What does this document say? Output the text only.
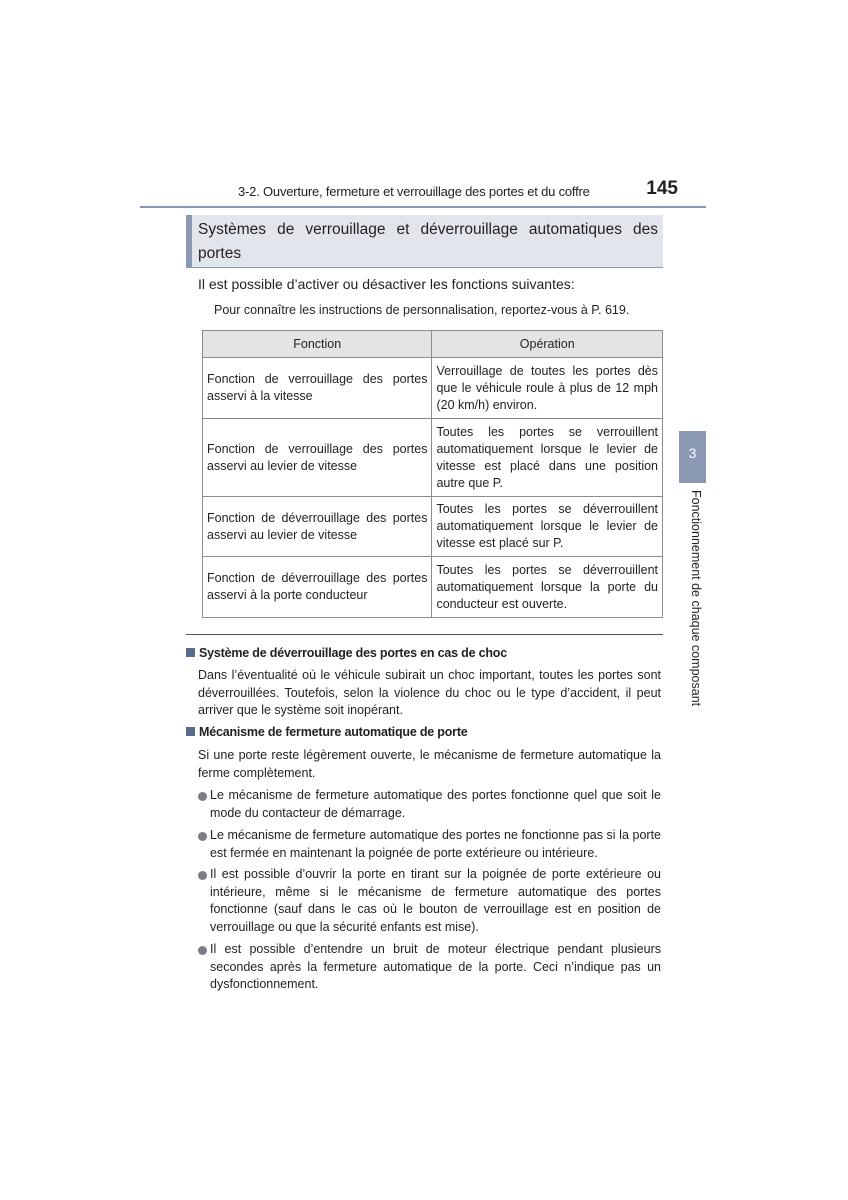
3-2. Ouverture, fermeture et verrouillage des portes et du coffre	145
Systèmes de verrouillage et déverrouillage automatiques des portes
Il est possible d’activer ou désactiver les fonctions suivantes:
Pour connaître les instructions de personnalisation, reportez-vous à P. 619.
Fonction	Opération
Fonction de verrouillage des portes asservi à la vitesse	Verrouillage de toutes les portes dès que le véhicule roule à plus de 12 mph (20 km/h) environ.
Fonction de verrouillage des portes asservi au levier de vitesse	Toutes les portes se verrouillent automatiquement lorsque le levier de vitesse est placé dans une position autre que P.
Fonction de déverrouillage des portes asservi au levier de vitesse	Toutes les portes se déverrouillent automatiquement lorsque le levier de vitesse est placé sur P.
Fonction de déverrouillage des portes asservi à la porte conducteur	Toutes les portes se déverrouillent automatiquement lorsque la porte du conducteur est ouverte.
Système de déverrouillage des portes en cas de choc
Dans l’éventualité où le véhicule subirait un choc important, toutes les portes sont déverrouillées. Toutefois, selon la violence du choc ou le type d’accident, il peut arriver que le système soit inopérant.
Mécanisme de fermeture automatique de porte
Si une porte reste légèrement ouverte, le mécanisme de fermeture automatique la ferme complètement.
Le mécanisme de fermeture automatique des portes fonctionne quel que soit le mode du contacteur de démarrage.
Le mécanisme de fermeture automatique des portes ne fonctionne pas si la porte est fermée en maintenant la poignée de porte extérieure ou intérieure.
Il est possible d’ouvrir la porte en tirant sur la poignée de porte extérieure ou intérieure, même si le mécanisme de fermeture automatique des portes fonctionne (sauf dans le cas où le bouton de verrouillage est en position de verrouillage ou que la sécurité enfants est mise).
Il est possible d’entendre un bruit de moteur électrique pendant plusieurs secondes après la fermeture automatique de la porte. Ceci n’indique pas un dysfonctionnement.
3
Fonctionnement de chaque composant
